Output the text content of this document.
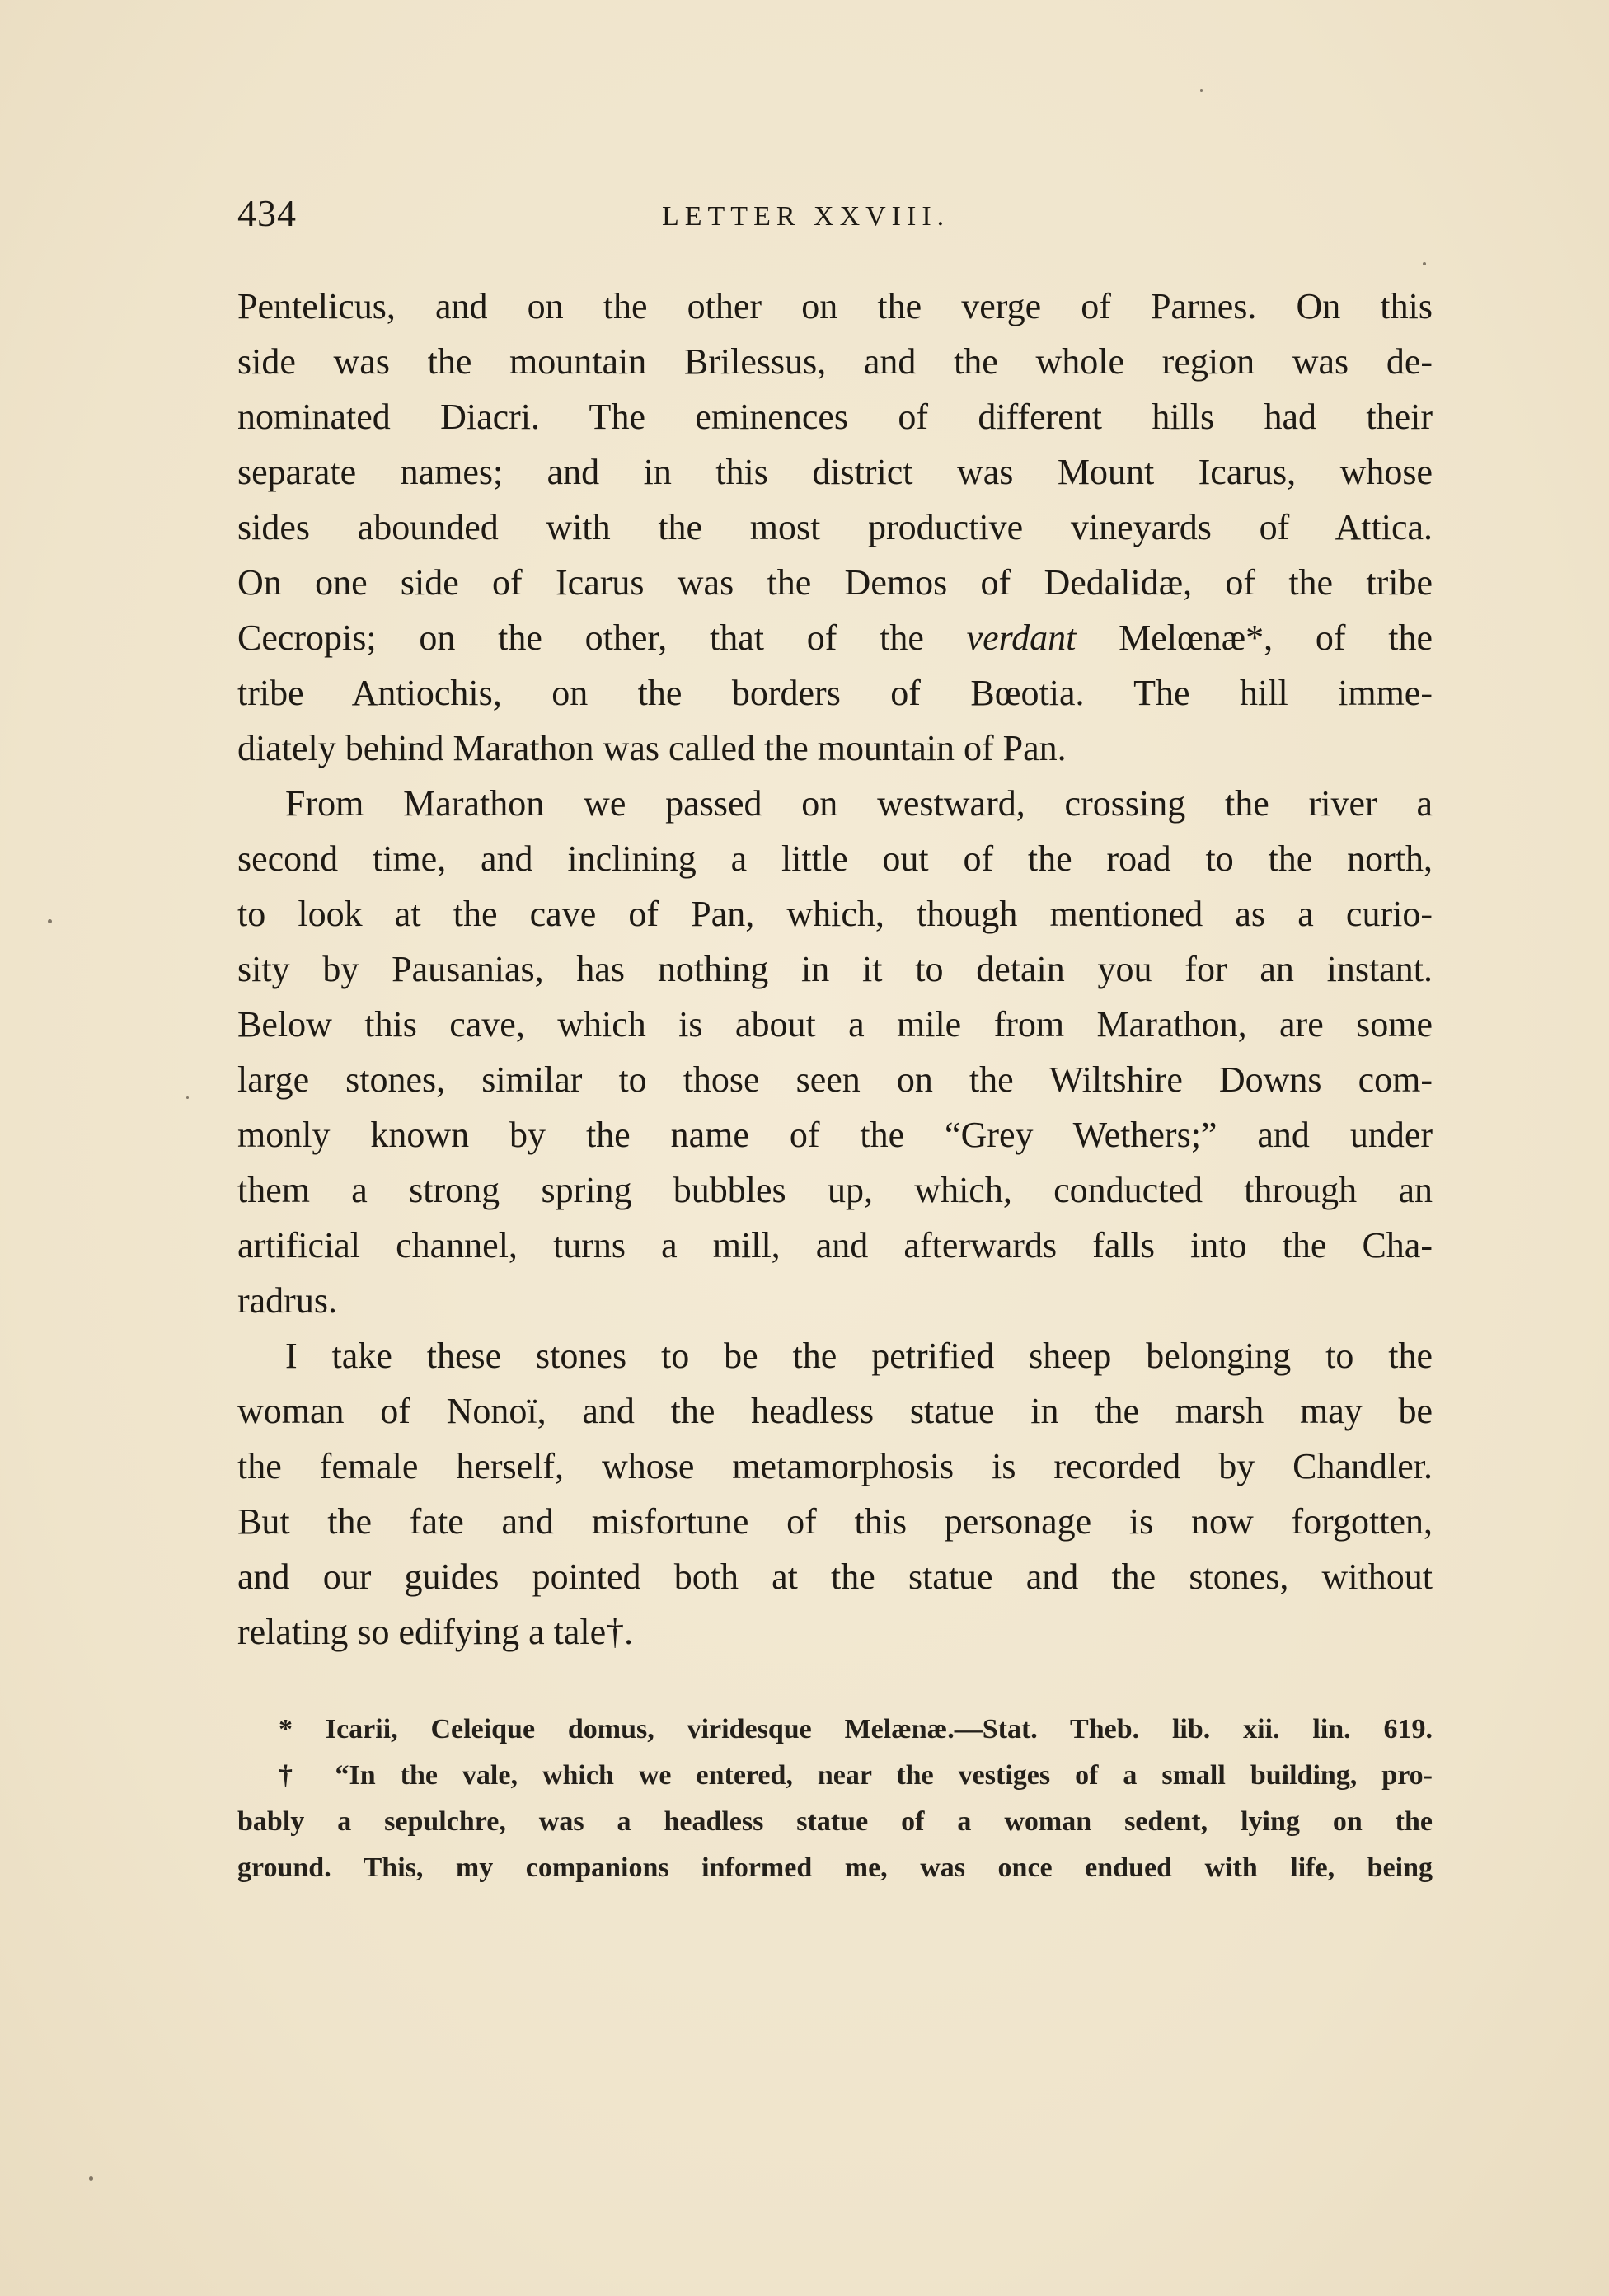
434	LETTER XXVIII.
Pentelicus, and on the other on the verge of Parnes. On this
side was the mountain Brilessus, and the whole region was de-
nominated Diacri. The eminences of different hills had their
separate names; and in this district was Mount Icarus, whose
sides abounded with the most productive vineyards of Attica.
On one side of Icarus was the Demos of Dedalidæ, of the tribe
Cecropis; on the other, that of the verdant Melœnæ*, of the
tribe Antiochis, on the borders of Bœotia. The hill imme-
diately behind Marathon was called the mountain of Pan.
From Marathon we passed on westward, crossing the river a
second time, and inclining a little out of the road to the north,
to look at the cave of Pan, which, though mentioned as a curio-
sity by Pausanias, has nothing in it to detain you for an instant.
Below this cave, which is about a mile from Marathon, are some
large stones, similar to those seen on the Wiltshire Downs com-
monly known by the name of the “Grey Wethers;” and under
them a strong spring bubbles up, which, conducted through an
artificial channel, turns a mill, and afterwards falls into the Cha-
radrus.
I take these stones to be the petrified sheep belonging to the
woman of Nonoï, and the headless statue in the marsh may be
the female herself, whose metamorphosis is recorded by Chandler.
But the fate and misfortune of this personage is now forgotten,
and our guides pointed both at the statue and the stones, without
relating so edifying a tale†.
* Icarii, Celeique domus, viridesque Melænæ.—Stat. Theb. lib. xii. lin. 619.
† “In the vale, which we entered, near the vestiges of a small building, pro-
bably a sepulchre, was a headless statue of a woman sedent, lying on the
ground. This, my companions informed me, was once endued with life, being
